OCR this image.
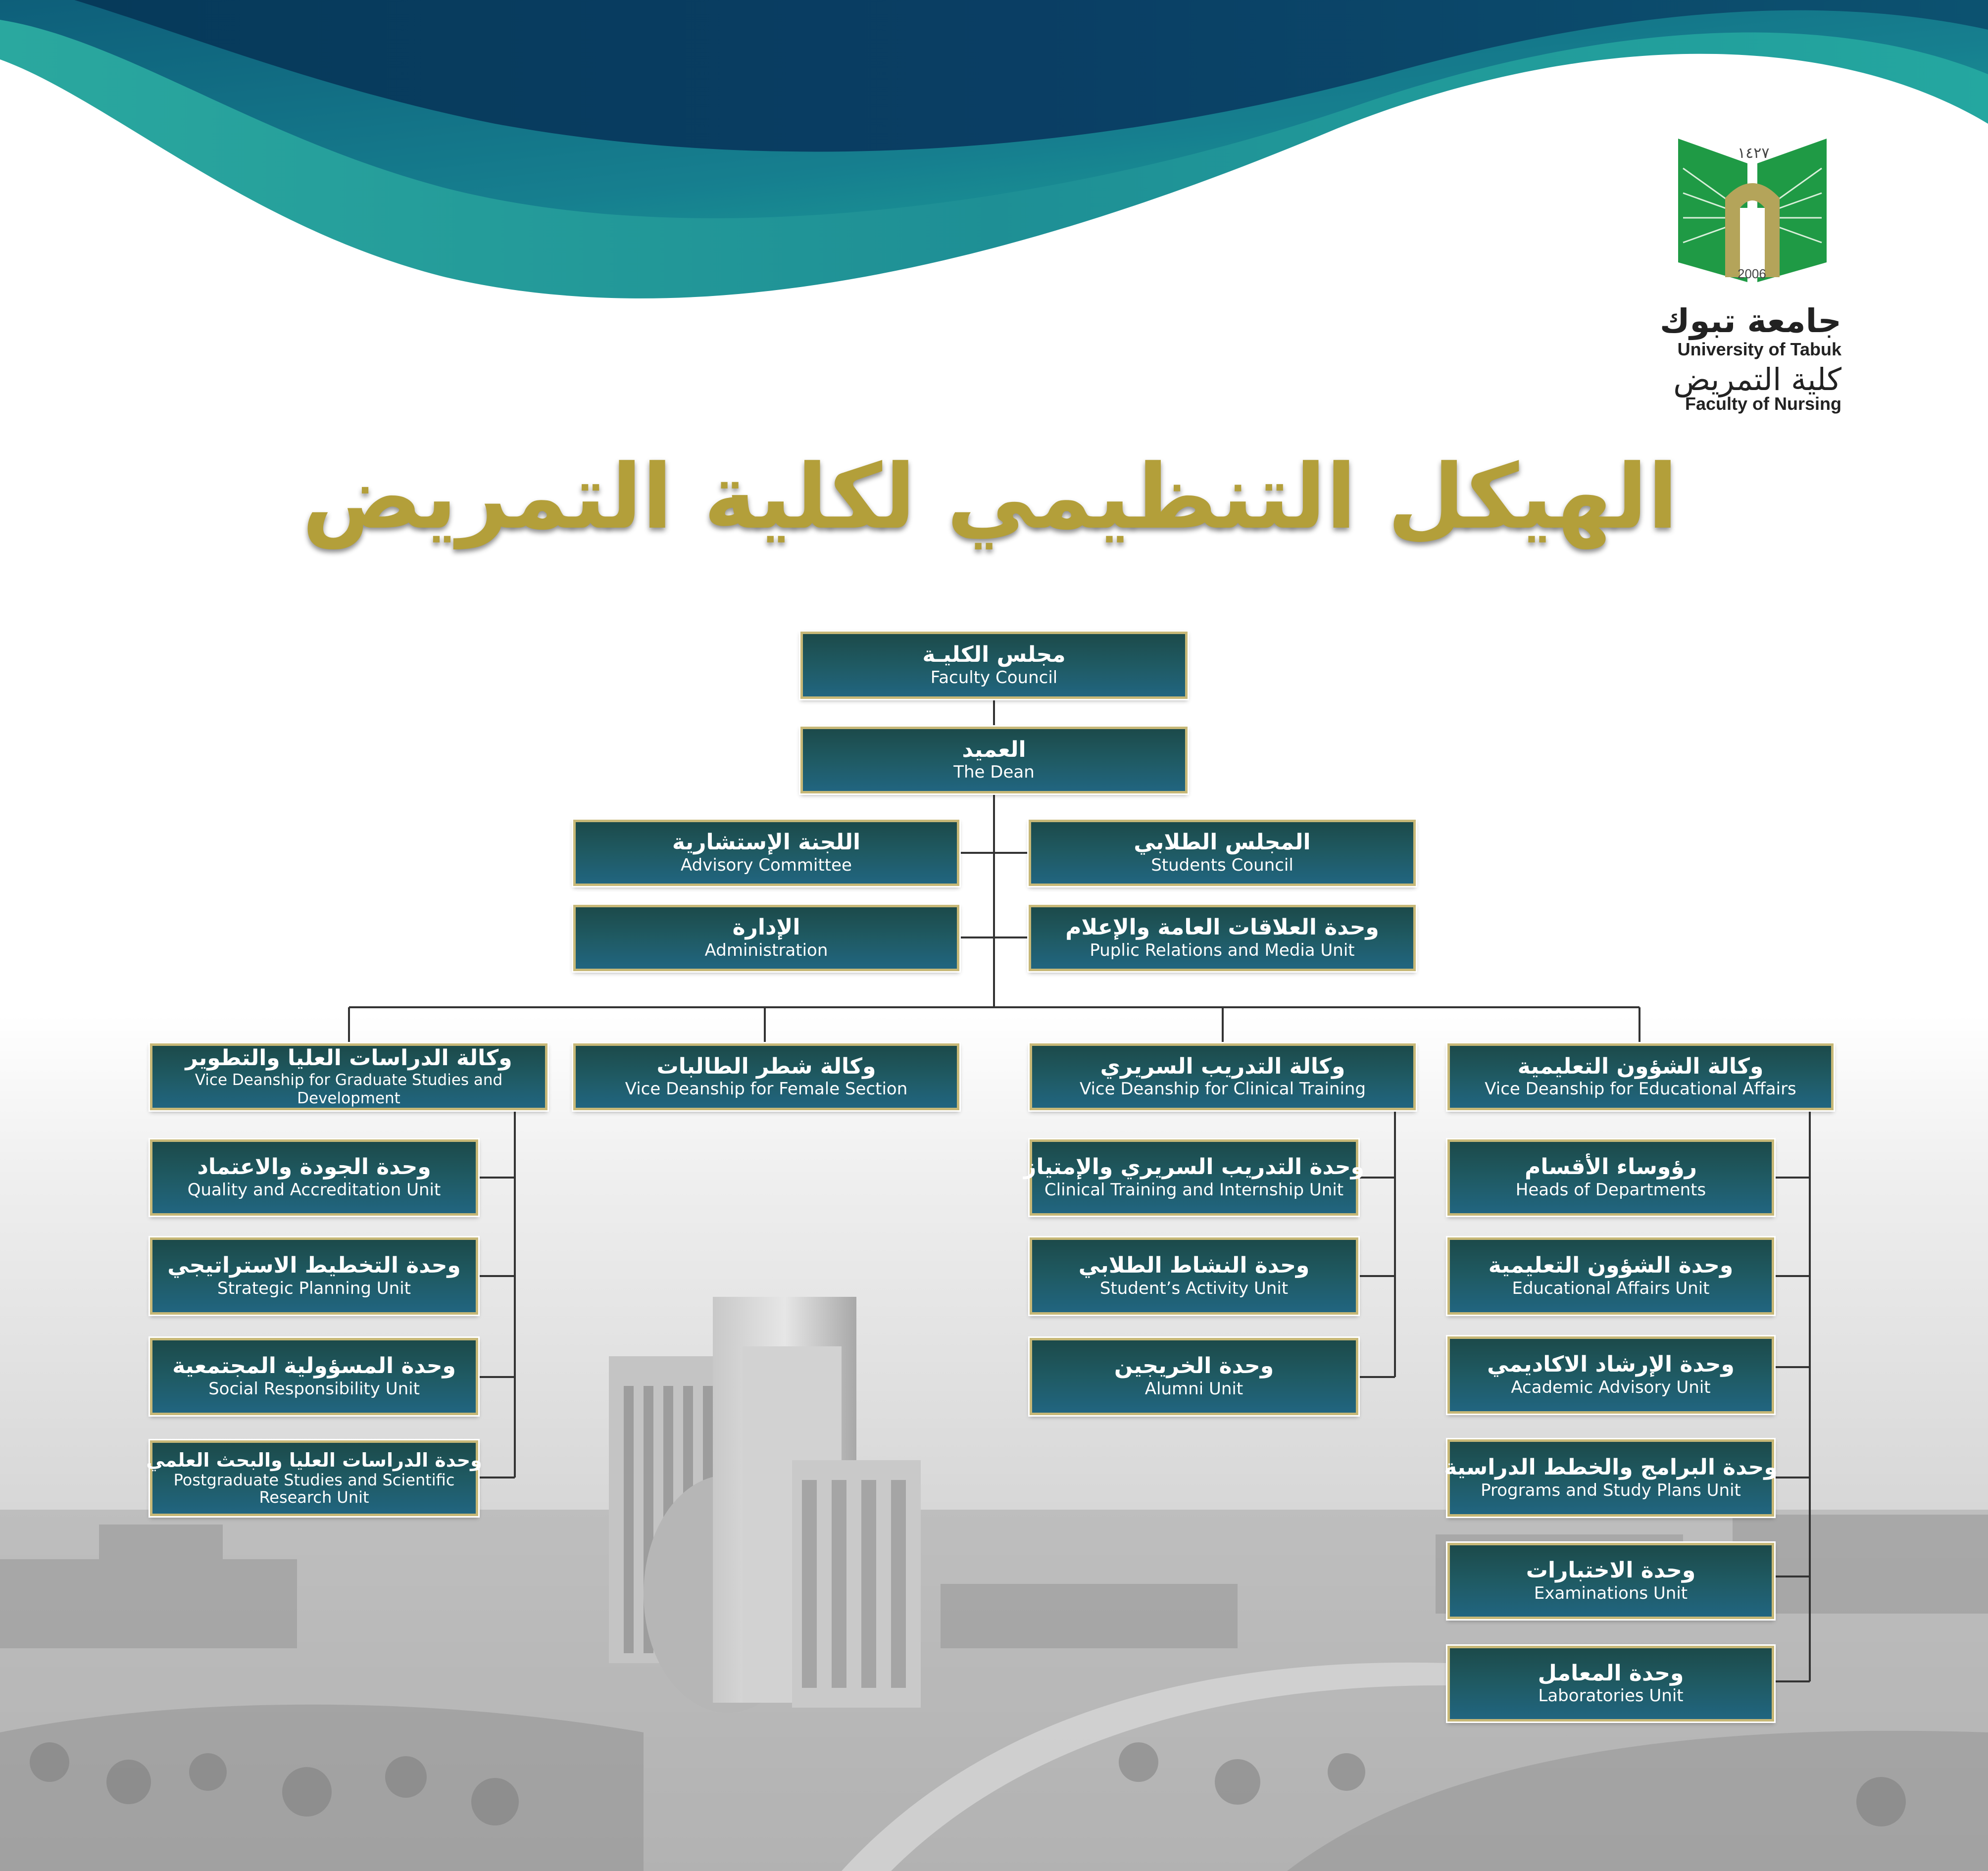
١٤٢٧
2006
جامعة تبوك
University of Tabuk
كلية التمريض
Faculty of Nursing
الهيكل التنظيمي لكلية التمريض
مجلس الكليـة
Faculty Council
العميد
The Dean
اللجنة الإستشارية
Advisory Committee
المجلس الطلابي
Students Council
الإدارة
Administration
وحدة العلاقات العامة والإعلام
Puplic Relations and Media Unit
وكالة الدراسات العليا والتطوير
Vice Deanship for Graduate Studies and Development
وكالة شطر الطالبات
Vice Deanship for Female Section
وكالة التدريب السريري
Vice Deanship for Clinical Training
وكالة الشؤون التعليمية
Vice Deanship for Educational Affairs
وحدة الجودة والاعتماد
Quality and Accreditation Unit
وحدة التخطيط الاستراتيجي
Strategic Planning Unit
وحدة المسؤولية المجتمعية
Social Responsibility Unit
وحدة الدراسات العليا والبحث العلمي
Postgraduate Studies and Scientific Research Unit
وحدة التدريب السريري والإمتياز
Clinical Training and Internship Unit
وحدة النشاط الطلابي
Student’s Activity Unit
وحدة الخريجين
Alumni Unit
رؤوساء الأقسام
Heads of Departments
وحدة الشؤون التعليمية
Educational Affairs Unit
وحدة الإرشاد الاكاديمي
Academic Advisory Unit
وحدة البرامج والخطط الدراسية
Programs and Study Plans Unit
وحدة الاختبارات
Examinations Unit
وحدة المعامل
Laboratories Unit
